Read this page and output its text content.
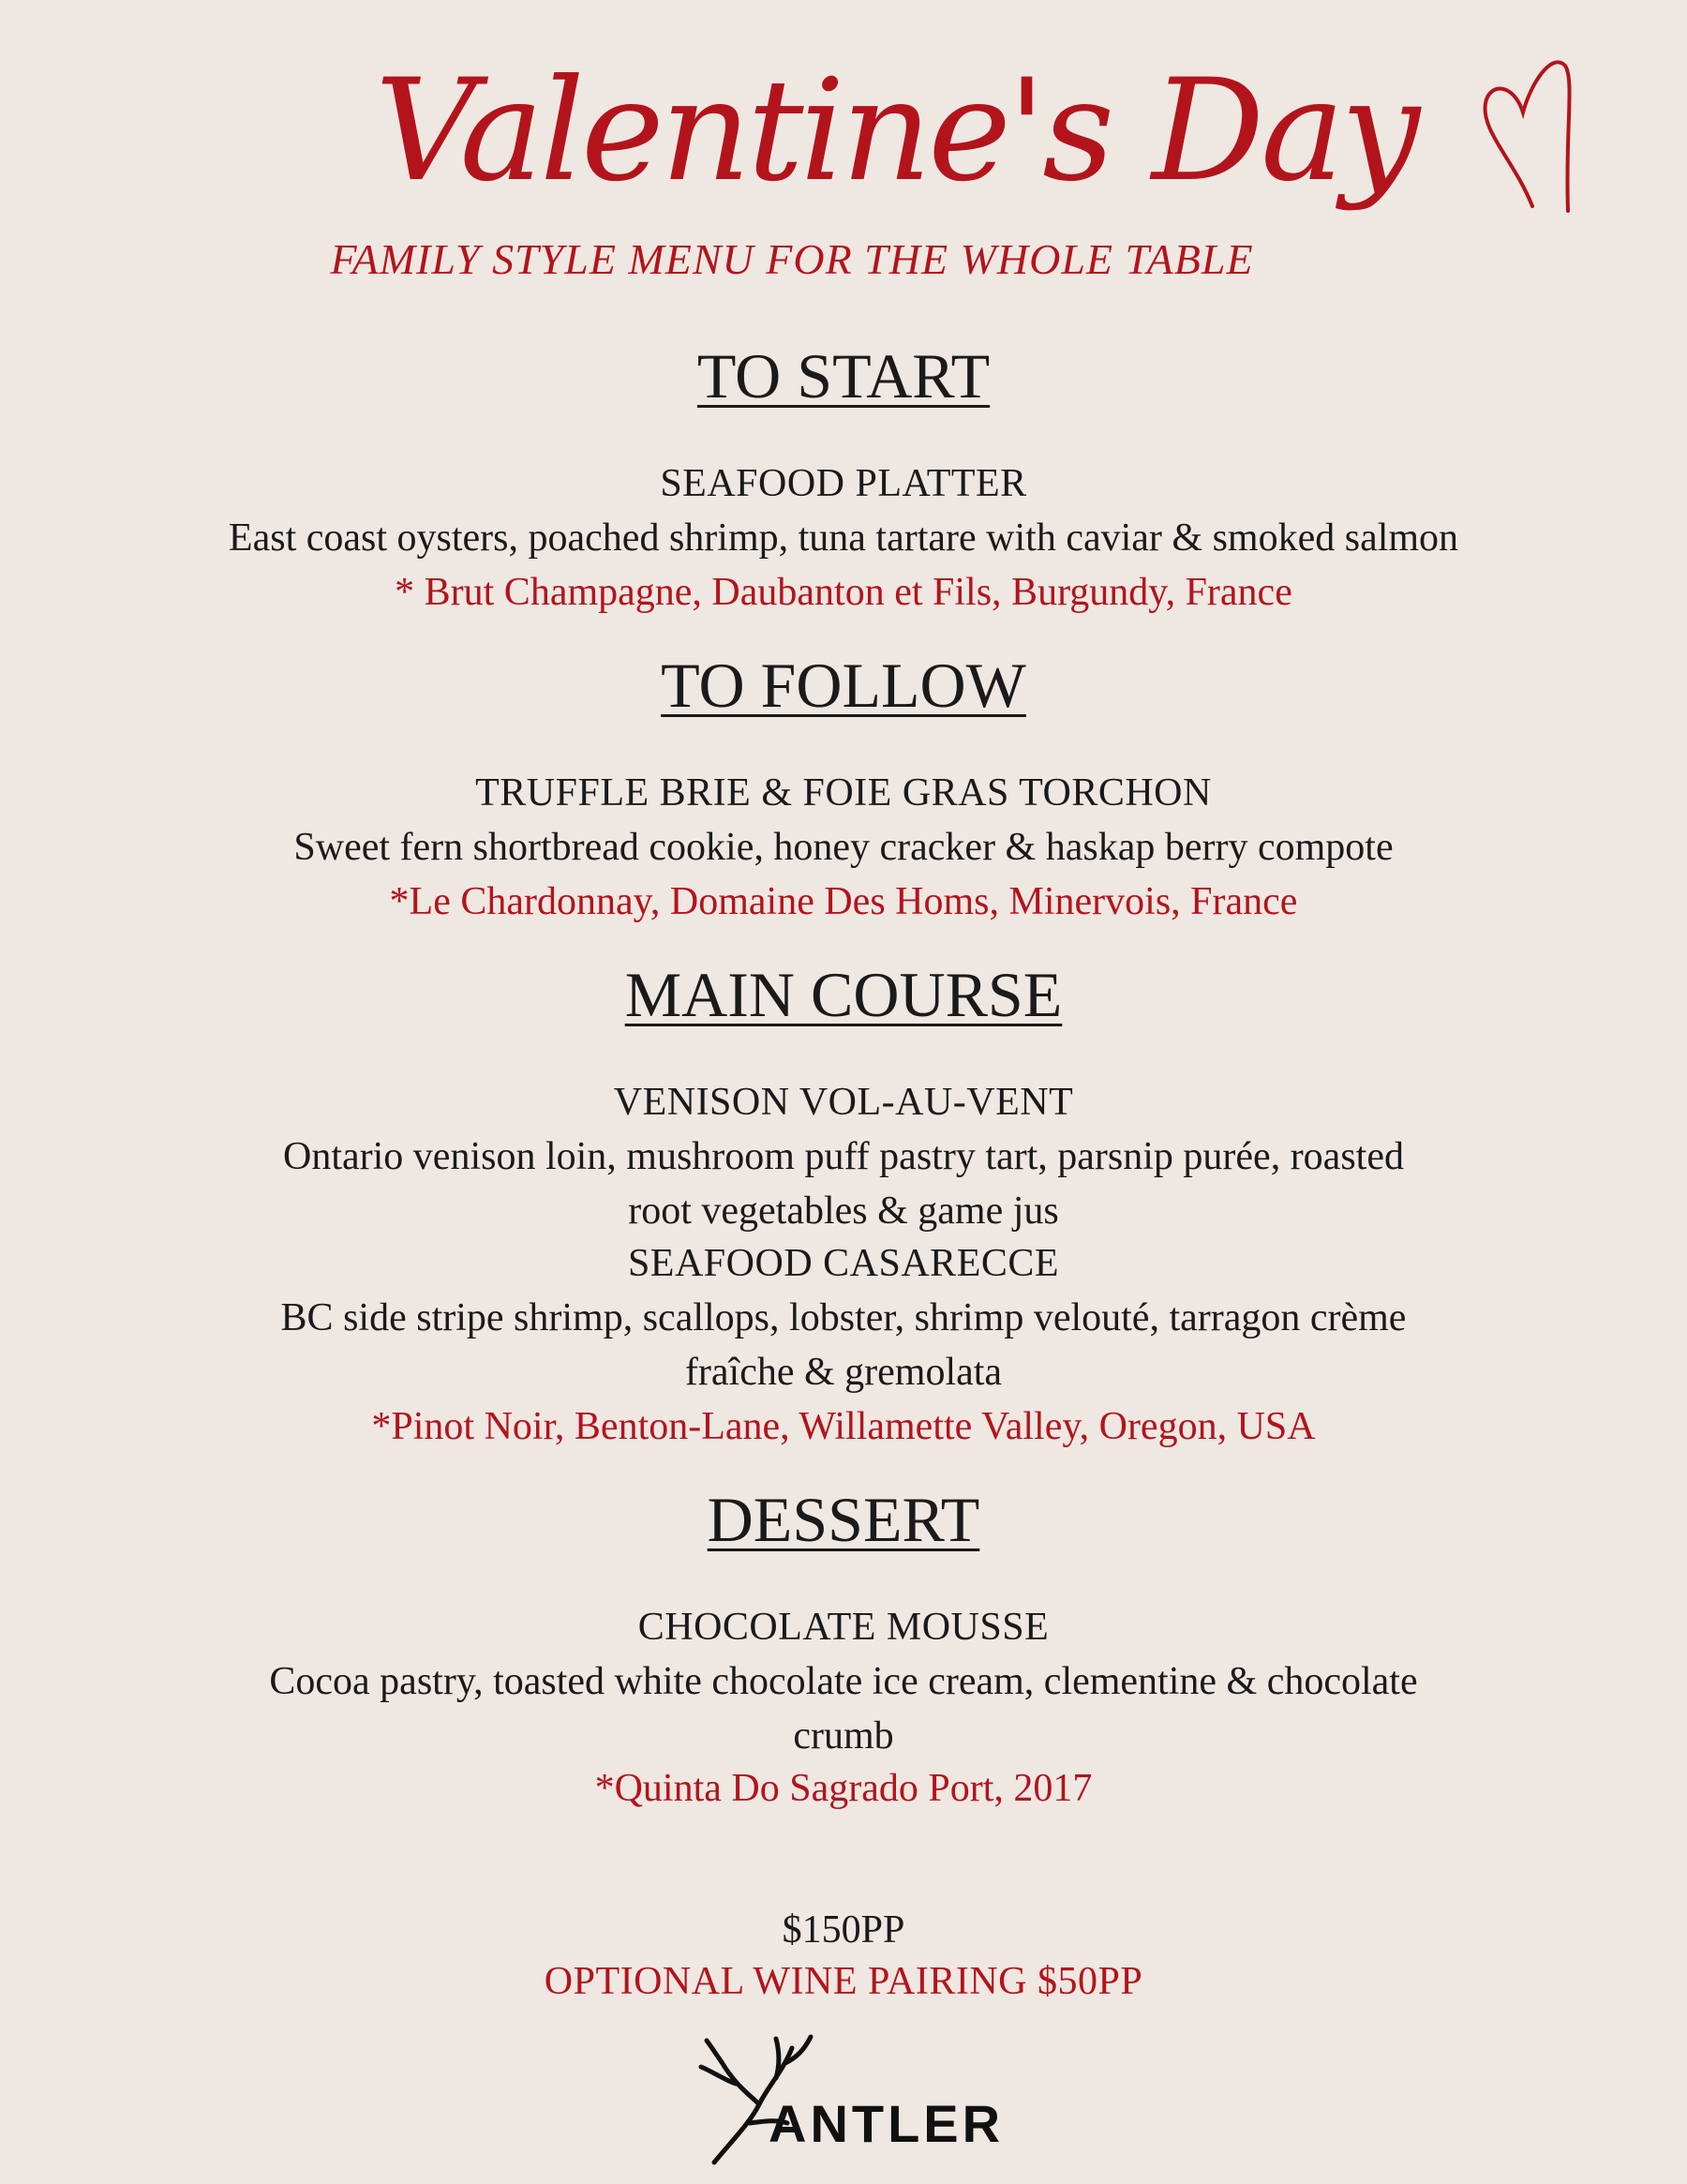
Valentine's Day
FAMILY STYLE MENU FOR THE WHOLE TABLE
TO START
SEAFOOD PLATTER
East coast oysters, poached shrimp, tuna tartare with caviar & smoked salmon
* Brut Champagne, Daubanton et Fils, Burgundy, France
TO FOLLOW
TRUFFLE BRIE & FOIE GRAS TORCHON
Sweet fern shortbread cookie, honey cracker & haskap berry compote
*Le Chardonnay, Domaine Des Homs, Minervois, France
MAIN COURSE
VENISON VOL-AU-VENT
Ontario venison loin, mushroom puff pastry tart, parsnip purée, roasted
root vegetables & game jus
SEAFOOD CASARECCE
BC side stripe shrimp, scallops, lobster, shrimp velouté, tarragon crème
fraîche & gremolata
*Pinot Noir, Benton-Lane, Willamette Valley, Oregon, USA
DESSERT
CHOCOLATE MOUSSE
Cocoa pastry, toasted white chocolate ice cream, clementine & chocolate
crumb
*Quinta Do Sagrado Port, 2017
$150PP
OPTIONAL WINE PAIRING $50PP
ANTLER
